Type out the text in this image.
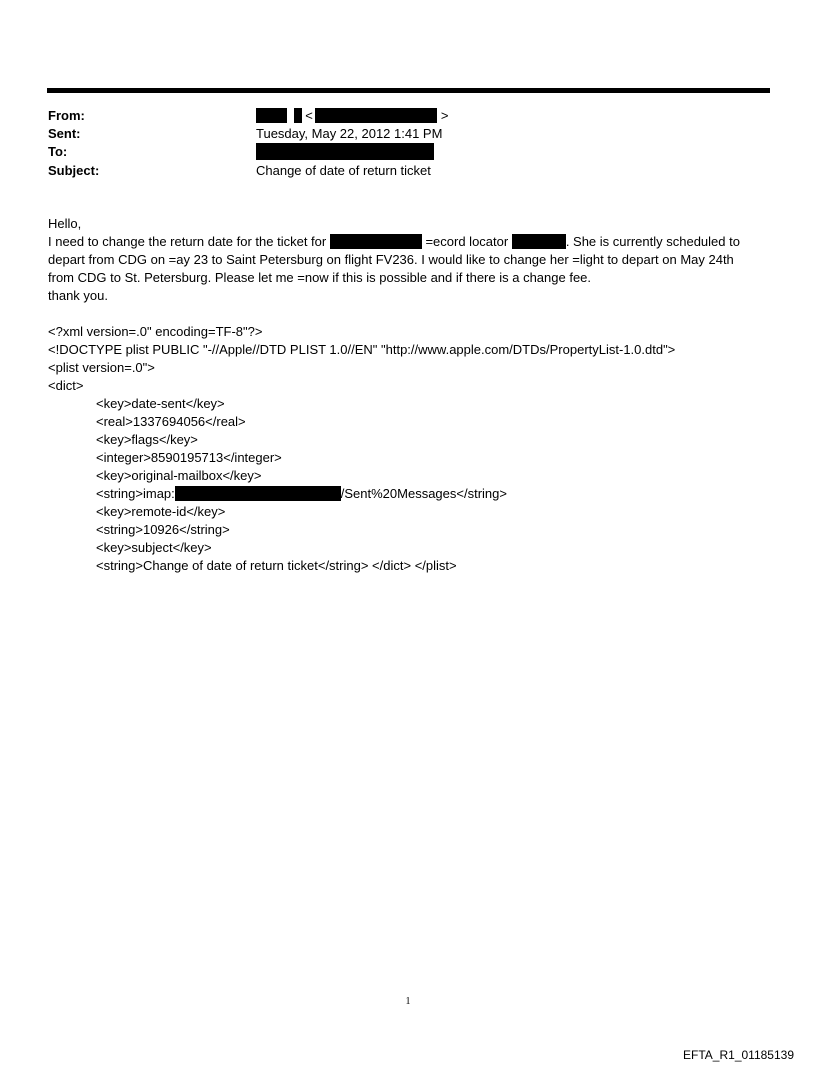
From:	<	>
Sent:	Tuesday, May 22, 2012 1:41 PM
To:
Subject:	Change of date of return ticket
Hello,
I need to change the return date for the ticket for	=ecord locator	. She is currently scheduled to
depart from CDG on =ay 23 to Saint Petersburg on flight FV236. I would like to change her =light to depart on May 24th
from CDG to St. Petersburg. Please let me =now if this is possible and if there is a change fee.
thank you.
<?xml version=.0" encoding=TF-8"?>
<!DOCTYPE plist PUBLIC "-//Apple//DTD PLIST 1.0//EN" "http://www.apple.com/DTDs/PropertyList-1.0.dtd">
<plist version=.0">
<dict>
<key>date-sent</key>
<real>1337694056</real>
<key>flags</key>
<integer>8590195713</integer>
<key>original-mailbox</key>
<string>imap:	/Sent%20Messages</string>
<key>remote-id</key>
<string>10926</string>
<key>subject</key>
<string>Change of date of return ticket</string> </dict> </plist>
1
EFTA_R1_01185139
